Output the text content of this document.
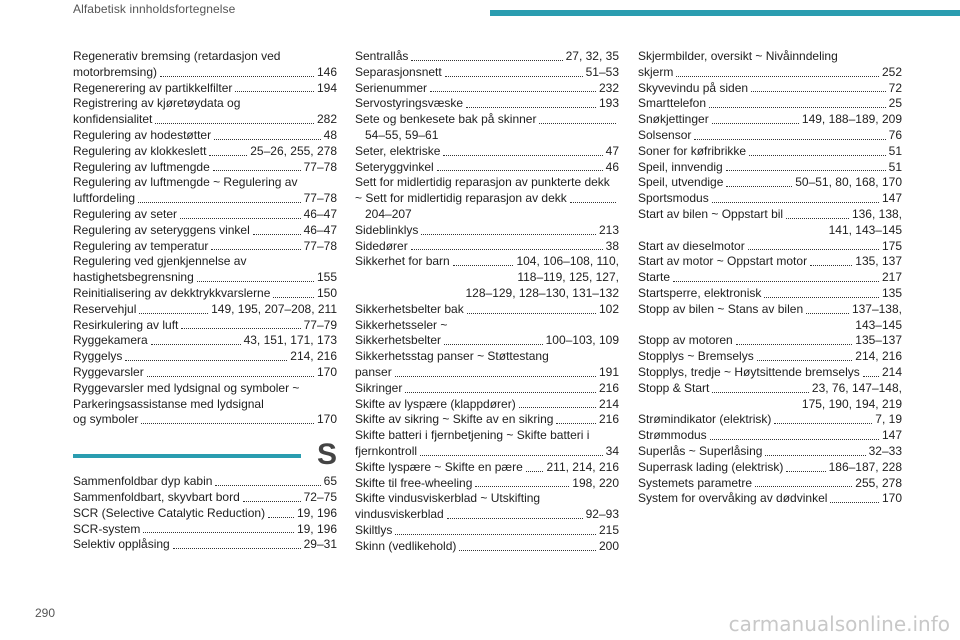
Alfabetisk innholdsfortegnelse
Regenerativ bremsing (retardasjon ved
motorbremsing)	146
Regenerering av partikkelfilter	194
Registrering av kjøretøydata og
konfidensialitet	282
Regulering av hodestøtter	48
Regulering av klokkeslett	25–26, 255, 278
Regulering av luftmengde	77–78
Regulering av luftmengde ~ Regulering av
luftfordeling	77–78
Regulering av seter	46–47
Regulering av seteryggens vinkel	46–47
Regulering av temperatur	77–78
Regulering ved gjenkjennelse av
hastighetsbegrensning	155
Reinitialisering av dekktrykkvarslerne	150
Reservehjul	149, 195, 207–208, 211
Resirkulering av luft	77–79
Ryggekamera	43, 151, 171, 173
Ryggelys	214, 216
Ryggevarsler	170
Ryggevarsler med lydsignal og symboler ~
Parkeringsassistanse med lydsignal
og symboler	170
S
Sammenfoldbar dyp kabin	65
Sammenfoldbart, skyvbart bord	72–75
SCR (Selective Catalytic Reduction)	19, 196
SCR-system	19, 196
Selektiv opplåsing	29–31
Sentrallås	27, 32, 35
Separasjonsnett	51–53
Serienummer	232
Servostyringsvæske	193
Sete og benkesete bak på skinner
54–55, 59–61
Seter, elektriske	47
Seteryggvinkel	46
Sett for midlertidig reparasjon av punkterte dekk
~ Sett for midlertidig reparasjon av dekk
204–207
Sideblinklys	213
Sidedører	38
Sikkerhet for barn	104, 106–108, 110,
118–119, 125, 127,
128–129, 128–130, 131–132
Sikkerhetsbelter bak	102
Sikkerhetsseler ~
Sikkerhetsbelter	100–103, 109
Sikkerhetsstag panser ~ Støttestang
panser	191
Sikringer	216
Skifte av lyspære (klappdører)	214
Skifte av sikring ~ Skifte av en sikring	216
Skifte batteri i fjernbetjening ~ Skifte batteri i
fjernkontroll	34
Skifte lyspære ~ Skifte en pære 211, 214, 216
Skifte til free-wheeling	198, 220
Skifte vindusviskerblad ~ Utskifting
vindusviskerblad	92–93
Skiltlys	215
Skinn (vedlikehold)	200
Skjermbilder, oversikt ~ Nivåinndeling
skjerm	252
Skyvevindu på siden	72
Smarttelefon	25
Snøkjettinger	149, 188–189, 209
Solsensor	76
Soner for køfribrikke	51
Speil, innvendig	51
Speil, utvendige	50–51, 80, 168, 170
Sportsmodus	147
Start av bilen ~ Oppstart bil	136, 138,
141, 143–145
Start av dieselmotor	175
Start av motor ~ Oppstart motor	135, 137
Starte	217
Startsperre, elektronisk	135
Stopp av bilen ~ Stans av bilen	137–138,
143–145
Stopp av motoren	135–137
Stopplys ~ Bremselys	214, 216
Stopplys, tredje ~ Høytsittende bremselys 214
Stopp & Start	23, 76, 147–148,
175, 190, 194, 219
Strømindikator (elektrisk)	7, 19
Strømmodus	147
Superlås ~ Superlåsing	32–33
Superrask lading (elektrisk)	186–187, 228
Systemets parametre	255, 278
System for overvåking av dødvinkel	170
290	carmanualsonline.info
